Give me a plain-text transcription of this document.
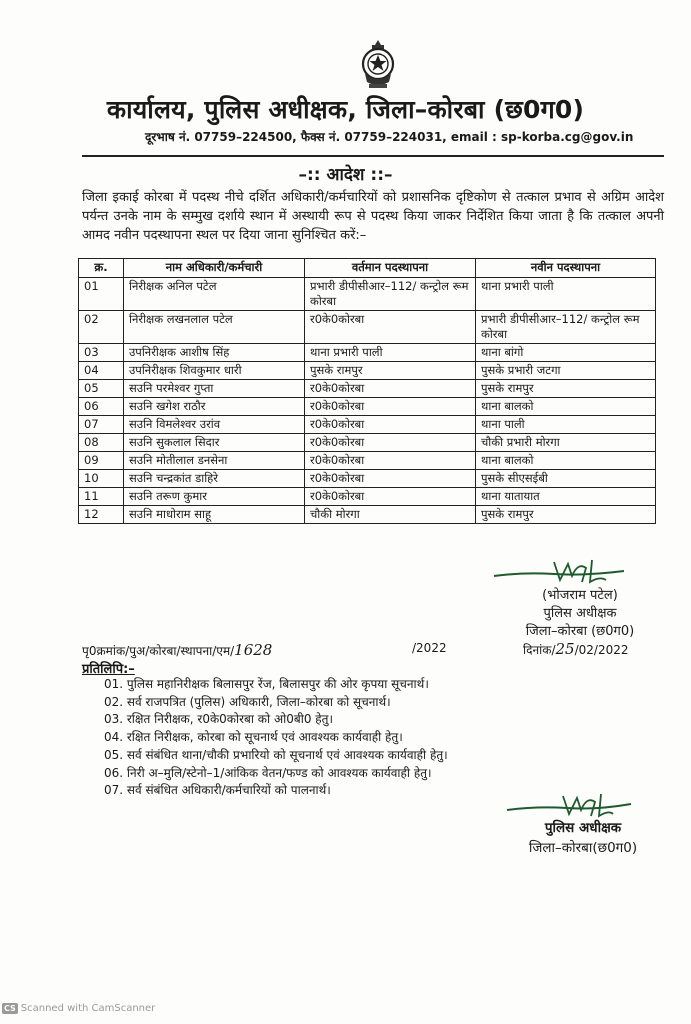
कार्यालय, पुलिस अधीक्षक, जिला–कोरबा (छ0ग0)
दूरभाष नं. 07759–224500, फैक्स नं. 07759–224031, email : sp-korba.cg@gov.in
–:: आदेश ::–
जिला इकाई कोरबा में पदस्थ नीचे दर्शित अधिकारी/कर्मचारियों को प्रशासनिक दृष्टिकोण से तत्काल प्रभाव से अग्रिम आदेश पर्यन्त उनके नाम के सम्मुख दर्शाये स्थान में अस्थायी रूप से पदस्थ किया जाकर निर्देशित किया जाता है कि तत्काल अपनी आमद नवीन पदस्थापना स्थल पर दिया जाना सुनिश्चित करें:–
क्र.	नाम अधिकारी/कर्मचारी	वर्तमान पदस्थापना	नवीन पदस्थापना
01	निरीक्षक अनिल पटेल	प्रभारी डीपीसीआर–112/ कन्ट्रोल रूम कोरबा	थाना प्रभारी पाली
02	निरीक्षक लखनलाल पटेल	र0के0कोरबा	प्रभारी डीपीसीआर–112/ कन्ट्रोल रूम कोरबा
03	उपनिरीक्षक आशीष सिंह	थाना प्रभारी पाली	थाना बांगो
04	उपनिरीक्षक शिवकुमार धारी	पुसके रामपुर	पुसके प्रभारी जटगा
05	सउनि परमेश्वर गुप्ता	र0के0कोरबा	पुसके रामपुर
06	सउनि खगेश राठौर	र0के0कोरबा	थाना बालको
07	सउनि विमलेश्वर उरांव	र0के0कोरबा	थाना पाली
08	सउनि सुकलाल सिदार	र0के0कोरबा	चौकी प्रभारी मोरगा
09	सउनि मोतीलाल डनसेना	र0के0कोरबा	थाना बालको
10	सउनि चन्द्रकांत डाहिरे	र0के0कोरबा	पुसके सीएसईबी
11	सउनि तरूण कुमार	र0के0कोरबा	थाना यातायात
12	सउनि माधोराम साहू	चौकी मोरगा	पुसके रामपुर
(भोजराम पटेल)
पुलिस अधीक्षक
जिला–कोरबा (छ0ग0)
पृ0क्रमांक/पुअ/कोरबा/स्थापना/एम/1628	/2022	दिनांक/25/02/2022
प्रतिलिपि:–
01. पुलिस महानिरीक्षक बिलासपुर रेंज, बिलासपुर की ओर कृपया सूचनार्थ।
02. सर्व राजपत्रित (पुलिस) अधिकारी, जिला–कोरबा को सूचनार्थ।
03. रक्षित निरीक्षक, र0के0कोरबा को ओ0बी0 हेतु।
04. रक्षित निरीक्षक, कोरबा को सूचनार्थ एवं आवश्यक कार्यवाही हेतु।
05. सर्व संबंधित थाना/चौकी प्रभारियो को सूचनार्थ एवं आवश्यक कार्यवाही हेतु।
06. निरी अ–मुलि/स्टेनो–1/आंकिक वेतन/फण्ड को आवश्यक कार्यवाही हेतु।
07. सर्व संबंधित अधिकारी/कर्मचारियों को पालनार्थ।
पुलिस अधीक्षक
जिला–कोरबा(छ0ग0)
CS Scanned with CamScanner
